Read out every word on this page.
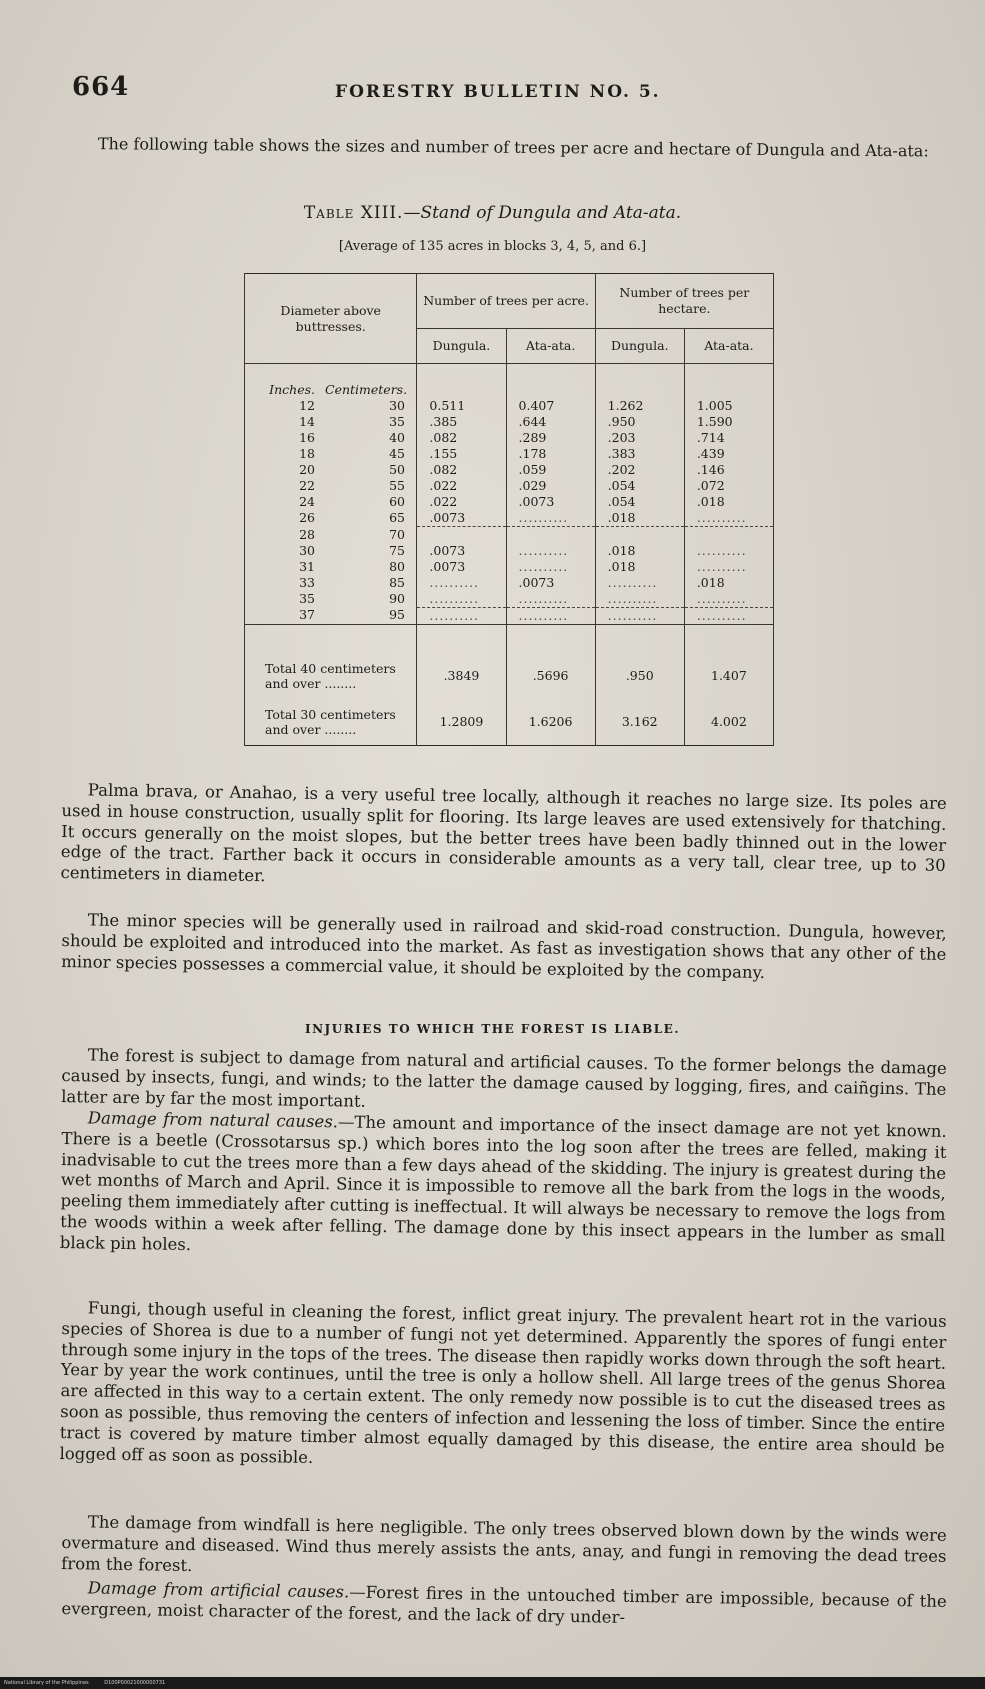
664	FORESTRY BULLETIN NO. 5.

The following table shows the sizes and number of trees per acre and hectare of Dungula and Ata-ata:

Table XIII.—Stand of Dungula and Ata-ata.

[Average of 135 acres in blocks 3, 4, 5, and 6.]

Diameter above buttresses.	Number of trees per acre.		Number of trees per hectare.	
	Dungula.	Ata-ata.	Dungula.	Ata-ata.

Inches. Centimeters.				

12 30	0.511	0.407	1.262	1.005

14 35	.385	.644	.950	1.590

16 40	.082	.289	.203	.714

18 45	.155	.178	.383	.439

20 50	.082	.059	.202	.146

22 55	.022	.029	.054	.072

24 60	.022	.0073	.054	.018

26 65	.0073	..........	.018	..........

28 70				

30 75	.0073	..........	.018	..........

31 80	.0073	..........	.018	..........

33 85	..........	.0073	..........	.018

35 90	..........	..........	..........	..........

37 95	..........	..........	..........	..........
Total 40 centimeters and over ........	.3849	.5696	.950	1.407
Total 30 centimeters and over ........	1.2809	1.6206	3.162	4.002

Palma brava, or Anahao, is a very useful tree locally, although it reaches no large size. Its poles are used in house construction, usually split for flooring. Its large leaves are used extensively for thatching. It occurs generally on the moist slopes, but the better trees have been badly thinned out in the lower edge of the tract. Farther back it occurs in considerable amounts as a very tall, clear tree, up to 30 centimeters in diameter.

The minor species will be generally used in railroad and skid-road construction. Dungula, however, should be exploited and introduced into the market. As fast as investigation shows that any other of the minor species possesses a commercial value, it should be exploited by the company.

INJURIES TO WHICH THE FOREST IS LIABLE.

The forest is subject to damage from natural and artificial causes. To the former belongs the damage caused by insects, fungi, and winds; to the latter the damage caused by logging, fires, and caiñgins. The latter are by far the most important.

Damage from natural causes.—The amount and importance of the insect damage are not yet known. There is a beetle (Crossotarsus sp.) which bores into the log soon after the trees are felled, making it inadvisable to cut the trees more than a few days ahead of the skidding. The injury is greatest during the wet months of March and April. Since it is impossible to remove all the bark from the logs in the woods, peeling them immediately after cutting is ineffectual. It will always be necessary to remove the logs from the woods within a week after felling. The damage done by this insect appears in the lumber as small black pin holes.

Fungi, though useful in cleaning the forest, inflict great injury. The prevalent heart rot in the various species of Shorea is due to a number of fungi not yet determined. Apparently the spores of fungi enter through some injury in the tops of the trees. The disease then rapidly works down through the soft heart. Year by year the work continues, until the tree is only a hollow shell. All large trees of the genus Shorea are affected in this way to a certain extent. The only remedy now possible is to cut the diseased trees as soon as possible, thus removing the centers of infection and lessening the loss of timber. Since the entire tract is covered by mature timber almost equally damaged by this disease, the entire area should be logged off as soon as possible.

The damage from windfall is here negligible. The only trees observed blown down by the winds were overmature and diseased. Wind thus merely assists the ants, anay, and fungi in removing the dead trees from the forest.

Damage from artificial causes.—Forest fires in the untouched timber are impossible, because of the evergreen, moist character of the forest, and the lack of dry under-

National Library of the Philippines	D100P00021000000731
